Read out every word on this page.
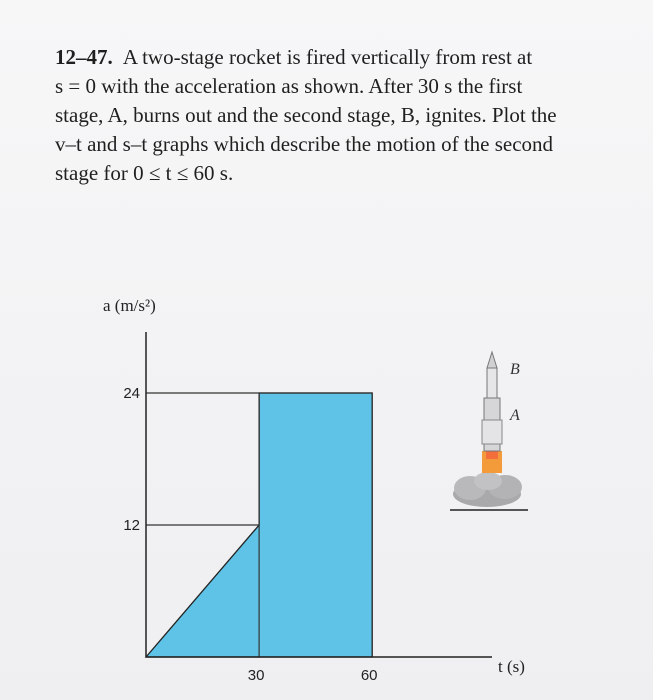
12–47. A two-stage rocket is fired vertically from rest at
s = 0 with the acceleration as shown. After 30 s the first
stage, A, burns out and the second stage, B, ignites. Plot the
v–t and s–t graphs which describe the motion of the second
stage for 0 ≤ t ≤ 60 s.
12
24
30	60
a (m/s²)
t (s)
B
A
